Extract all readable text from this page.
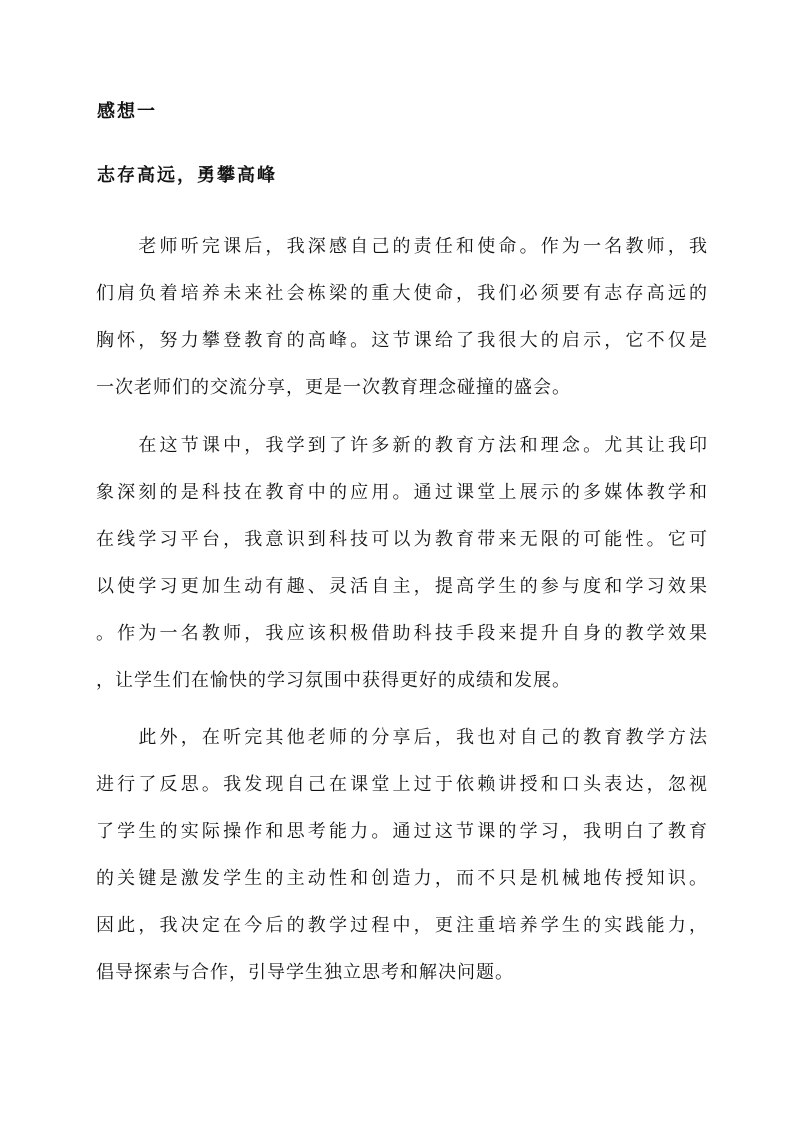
感想一
志存高远，勇攀高峰

　　老师听完课后，我深感自己的责任和使命。作为一名教师，我
们肩负着培养未来社会栋梁的重大使命，我们必须要有志存高远的
胸怀，努力攀登教育的高峰。这节课给了我很大的启示，它不仅是
一次老师们的交流分享，更是一次教育理念碰撞的盛会。

　　在这节课中，我学到了许多新的教育方法和理念。尤其让我印
象深刻的是科技在教育中的应用。通过课堂上展示的多媒体教学和
在线学习平台，我意识到科技可以为教育带来无限的可能性。它可
以使学习更加生动有趣、灵活自主，提高学生的参与度和学习效果
。作为一名教师，我应该积极借助科技手段来提升自身的教学效果
，让学生们在愉快的学习氛围中获得更好的成绩和发展。

　　此外，在听完其他老师的分享后，我也对自己的教育教学方法
进行了反思。我发现自己在课堂上过于依赖讲授和口头表达，忽视
了学生的实际操作和思考能力。通过这节课的学习，我明白了教育
的关键是激发学生的主动性和创造力，而不只是机械地传授知识。
因此，我决定在今后的教学过程中，更注重培养学生的实践能力，
倡导探索与合作，引导学生独立思考和解决问题。
